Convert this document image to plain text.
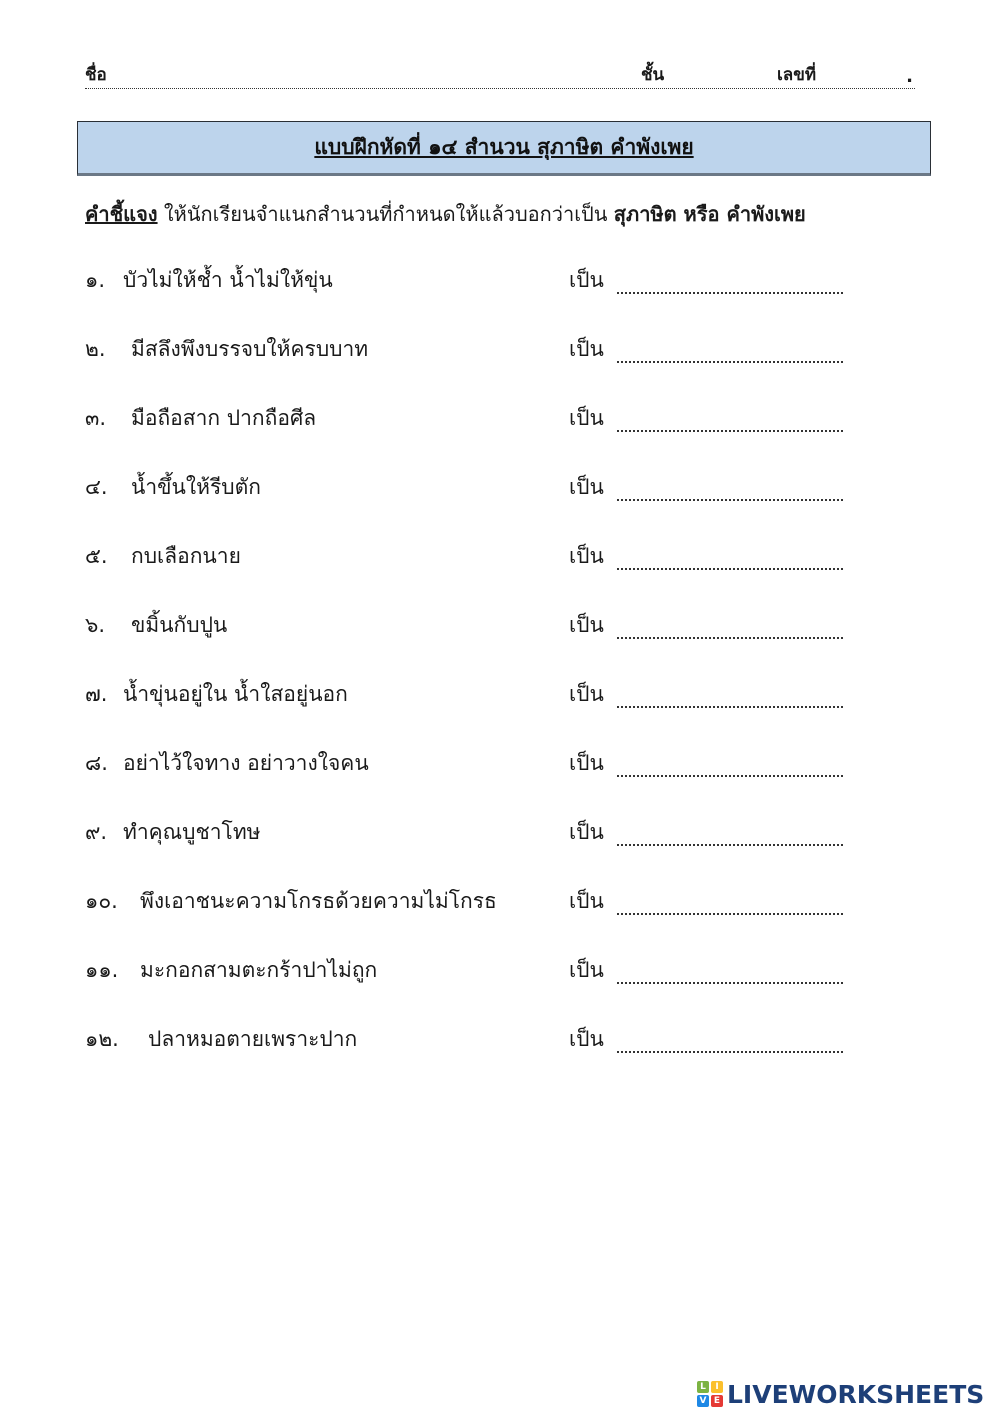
ชื่อ	ชั้น	เลขที่	.
แบบฝึกหัดที่ ๑๔ สำนวน สุภาษิต คำพังเพย
คำชี้แจง ให้นักเรียนจำแนกสำนวนที่กำหนดให้แล้วบอกว่าเป็น สุภาษิต หรือ คำพังเพย
๑. บัวไม่ให้ช้ำ น้ำไม่ให้ขุ่น	เป็น
๒. มีสลึงพึงบรรจบให้ครบบาท	เป็น
๓. มือถือสาก ปากถือศีล	เป็น
๔. น้ำขึ้นให้รีบตัก	เป็น
๕. กบเลือกนาย	เป็น
๖. ขมิ้นกับปูน	เป็น
๗. น้ำขุ่นอยู่ใน น้ำใสอยู่นอก	เป็น
๘. อย่าไว้ใจทาง อย่าวางใจคน	เป็น
๙. ทำคุณบูชาโทษ	เป็น
๑๐. พึงเอาชนะความโกรธด้วยความไม่โกรธ	เป็น
๑๑. มะกอกสามตะกร้าปาไม่ถูก	เป็น
๑๒. ปลาหมอตายเพราะปาก	เป็น
L	I
V E LIVEWORKSHEETS
